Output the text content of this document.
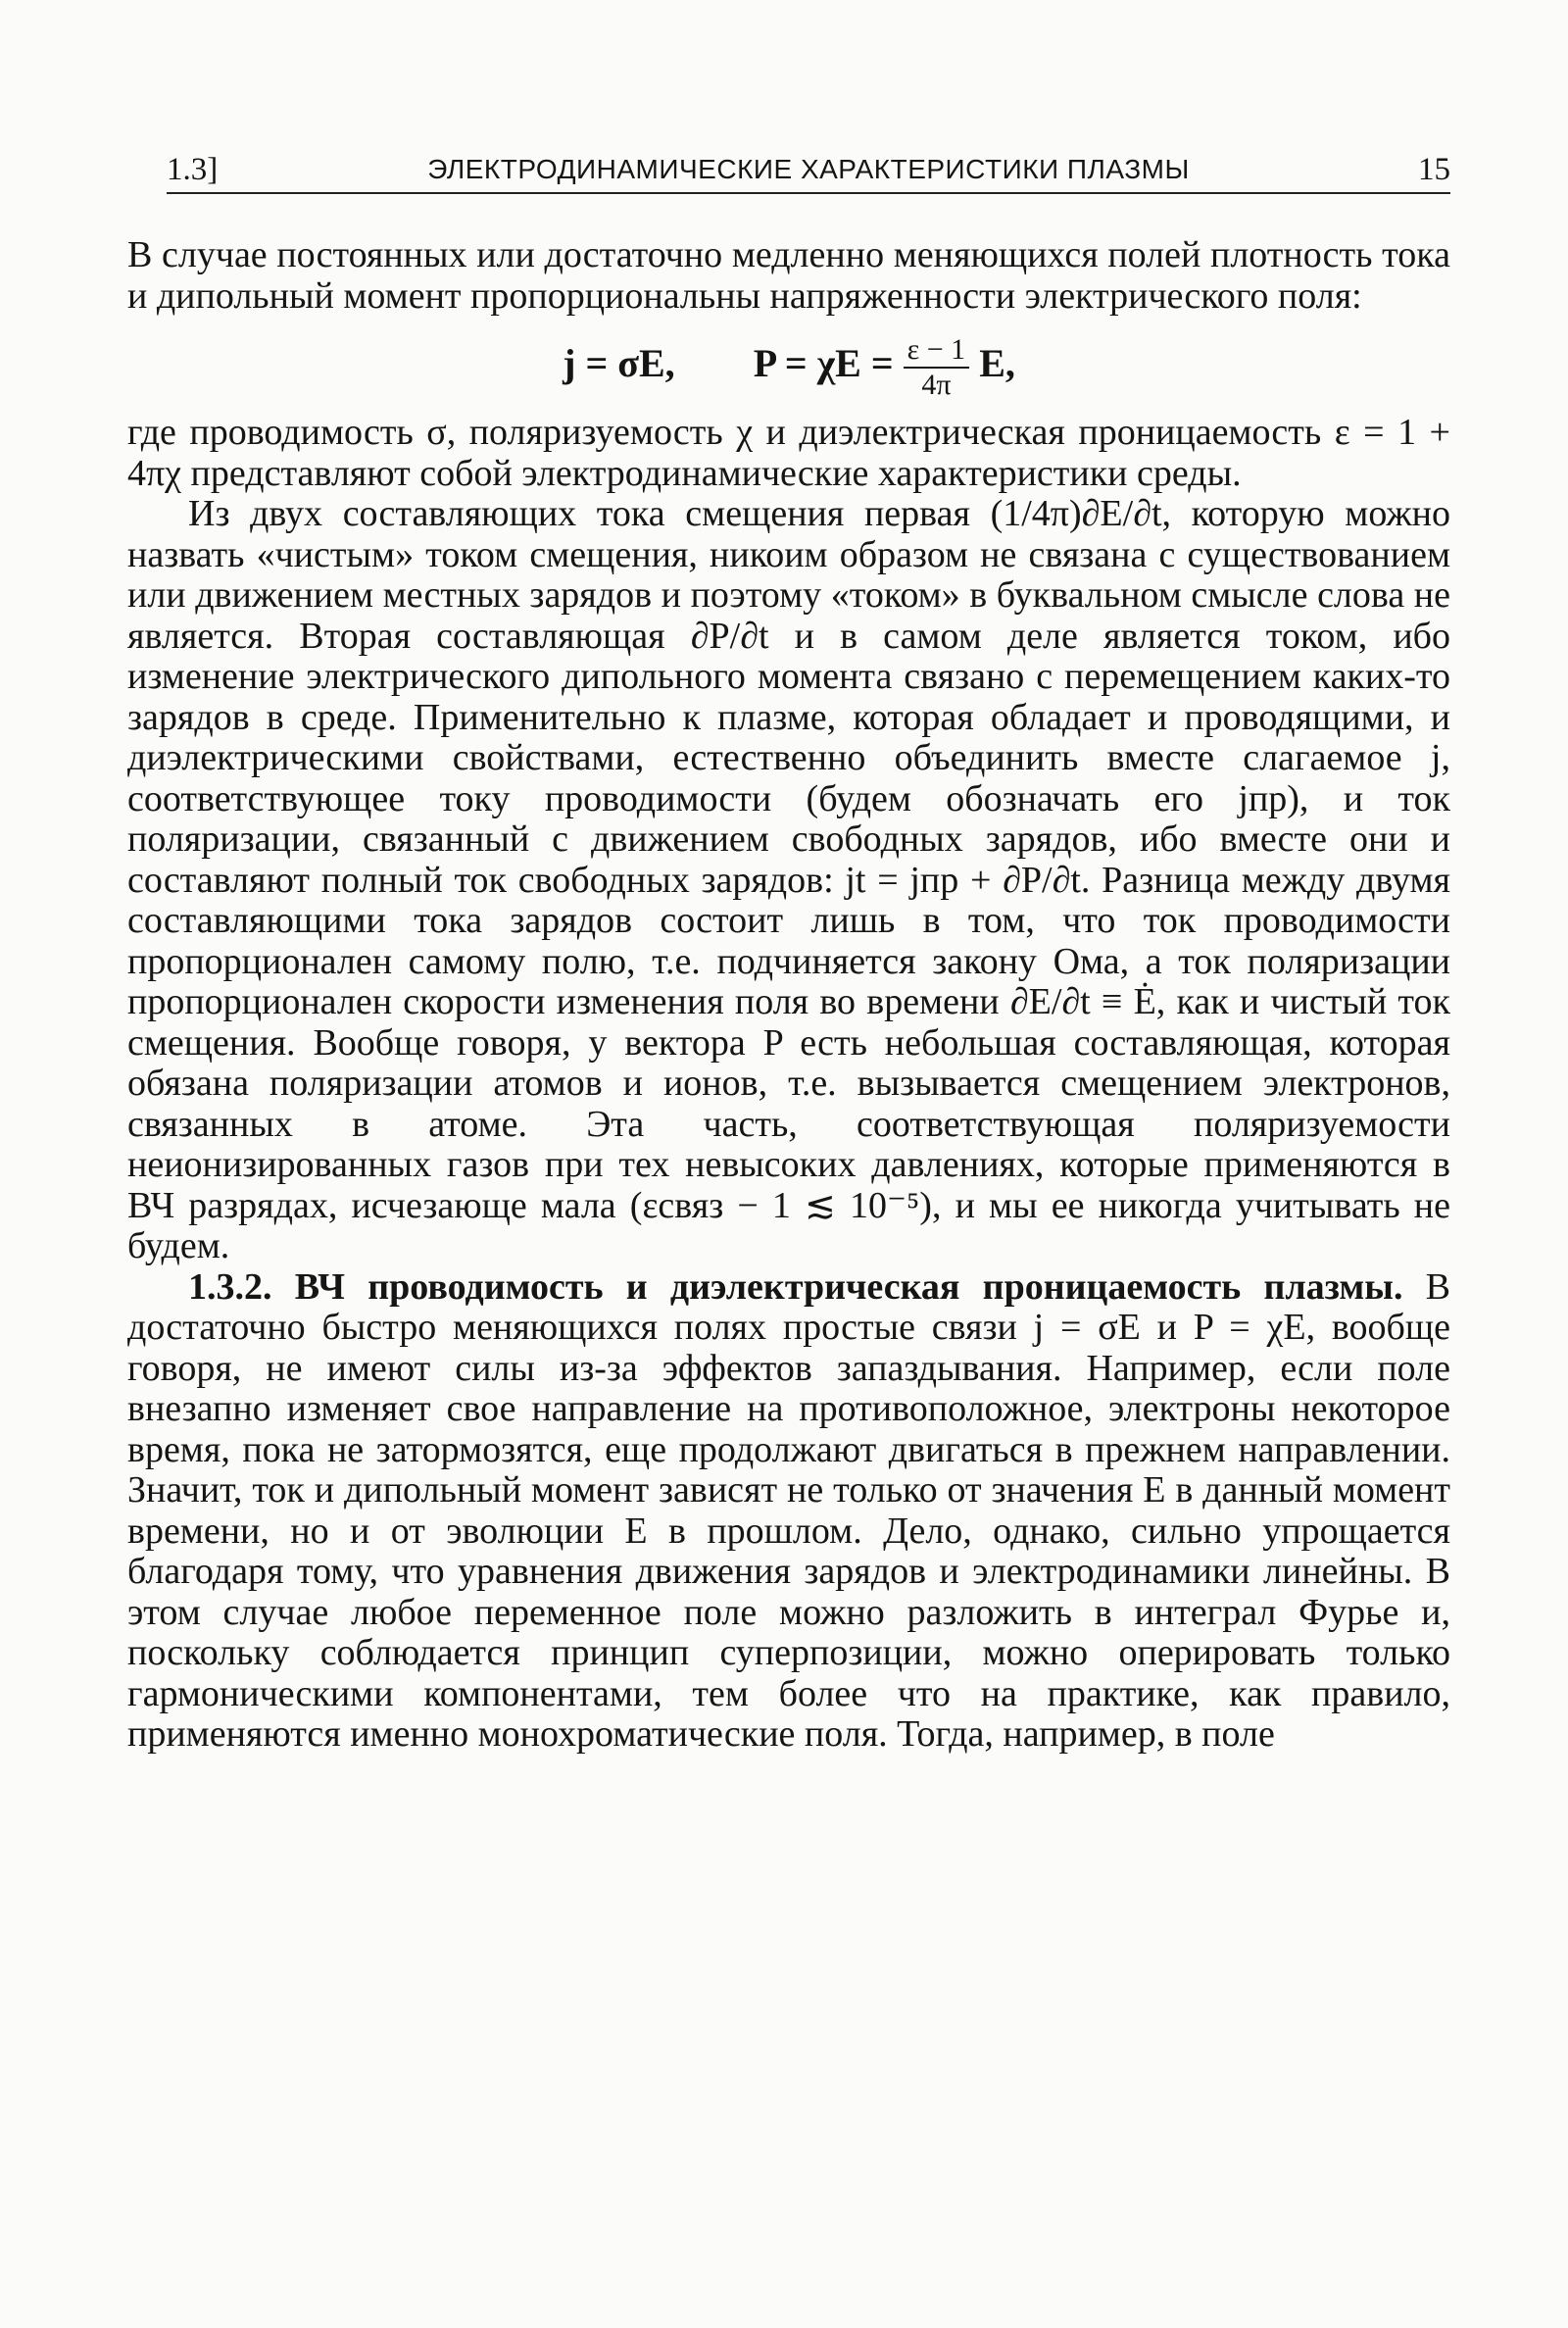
1.3]	ЭЛЕКТРОДИНАМИЧЕСКИЕ ХАРАКТЕРИСТИКИ ПЛАЗМЫ	15

В случае постоянных или достаточно медленно меняющихся полей плотность тока и дипольный момент пропорциональны напряженности электрического поля:

j = σE, $P = \chi E = \frac{\varepsilon - 1}{4\pi} E$,

где проводимость σ, поляризуемость χ и диэлектрическая проницаемость ε = 1 + 4πχ представляют собой электродинамические характеристики среды.

Из двух составляющих тока смещения первая (1/4π)∂E/∂t, которую можно назвать «чистым» током смещения, никоим образом не связана с существованием или движением местных зарядов и поэтому «током» в буквальном смысле слова не является. Вторая составляющая ∂P/∂t и в самом деле является током, ибо изменение электрического дипольного момента связано с перемещением каких-то зарядов в среде. Применительно к плазме, которая обладает и проводящими, и диэлектрическими свойствами, естественно объединить вместе слагаемое j, соответствующее току проводимости (будем обозначать его jпр), и ток поляризации, связанный с движением свободных зарядов, ибо вместе они и составляют полный ток свободных зарядов: jt = jпр + ∂P/∂t. Разница между двумя составляющими тока зарядов состоит лишь в том, что ток проводимости пропорционален самому полю, т.е. подчиняется закону Ома, а ток поляризации пропорционален скорости изменения поля во времени ∂E/∂t ≡ Ė, как и чистый ток смещения. Вообще говоря, у вектора P есть небольшая составляющая, которая обязана поляризации атомов и ионов, т.е. вызывается смещением электронов, связанных в атоме. Эта часть, соответствующая поляризуемости неионизированных газов при тех невысоких давлениях, которые применяются в ВЧ разрядах, исчезающе мала (εсвяз − 1 ≲ 10⁻⁵), и мы ее никогда учитывать не будем.

1.3.2. ВЧ проводимость и диэлектрическая проницаемость плазмы. В достаточно быстро меняющихся полях простые связи j = σE и P = χE, вообще говоря, не имеют силы из-за эффектов запаздывания. Например, если поле внезапно изменяет свое направление на противоположное, электроны некоторое время, пока не затормозятся, еще продолжают двигаться в прежнем направлении. Значит, ток и дипольный момент зависят не только от значения E в данный момент времени, но и от эволюции E в прошлом. Дело, однако, сильно упрощается благодаря тому, что уравнения движения зарядов и электродинамики линейны. В этом случае любое переменное поле можно разложить в интеграл Фурье и, поскольку соблюдается принцип суперпозиции, можно оперировать только гармоническими компонентами, тем более что на практике, как правило, применяются именно монохроматические поля. Тогда, например, в поле
